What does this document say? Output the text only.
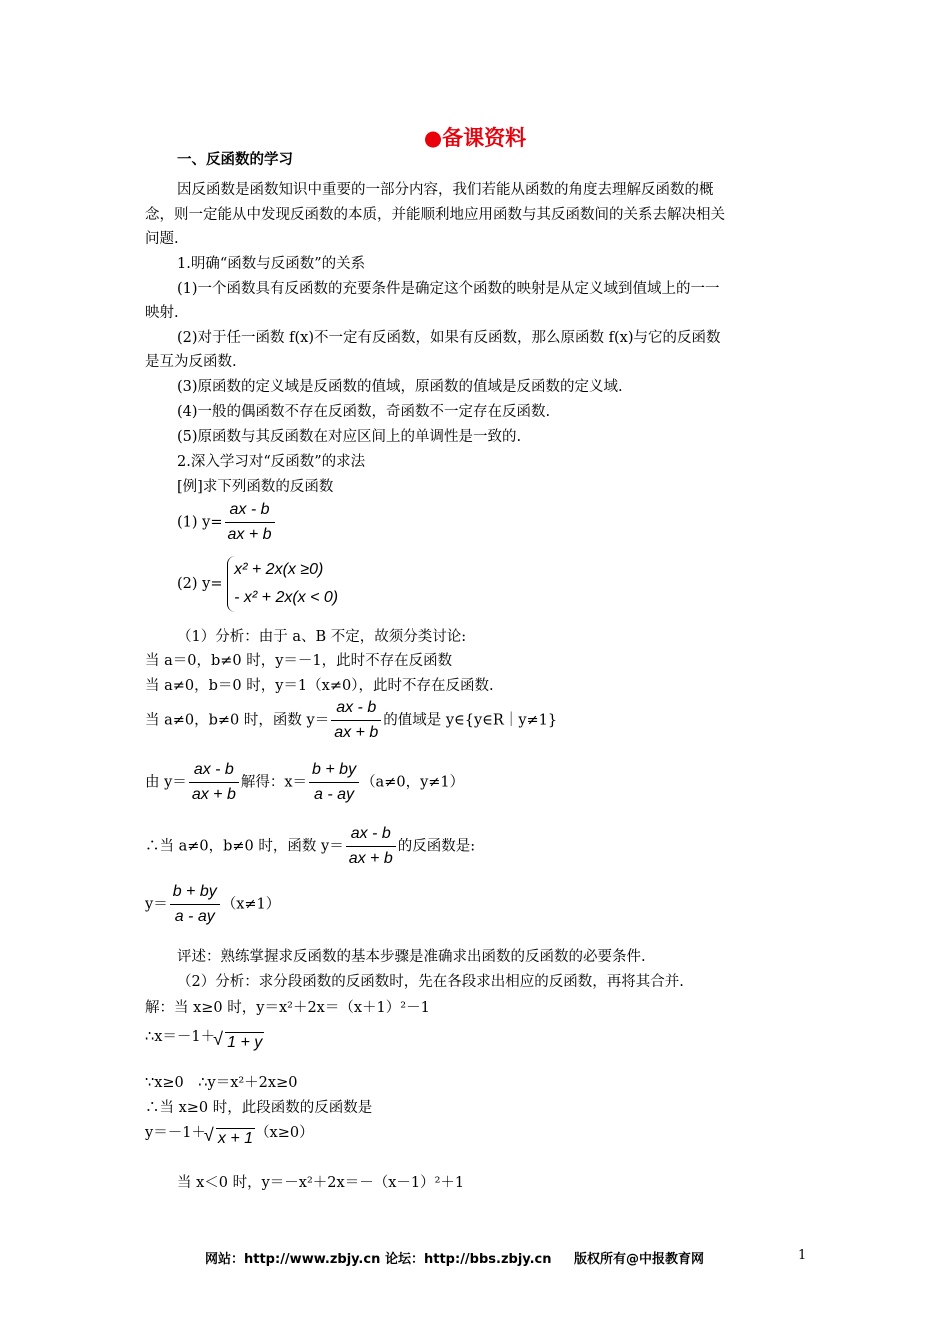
●备课资料
一、反函数的学习
因反函数是函数知识中重要的一部分内容，我们若能从函数的角度去理解反函数的概
念，则一定能从中发现反函数的本质，并能顺利地应用函数与其反函数间的关系去解决相关
问题.
1.明确“函数与反函数”的关系
(1)一个函数具有反函数的充要条件是确定这个函数的映射是从定义域到值域上的一一
映射.
(2)对于任一函数 f(x)不一定有反函数，如果有反函数，那么原函数 f(x)与它的反函数
是互为反函数.
(3)原函数的定义域是反函数的值域，原函数的值域是反函数的定义域.
(4)一般的偶函数不存在反函数，奇函数不一定存在反函数.
(5)原函数与其反函数在对应区间上的单调性是一致的.
2.深入学习对“反函数”的求法
[例]求下列函数的反函数
(1) $y= \frac{ax - b}{ax + b}$
(2) y=
x² + 2x(x ≥0)
- x² + 2x(x < 0)
（1）分析：由于 a、B 不定，故须分类讨论:
当 a＝0，b≠0 时，y＝－1，此时不存在反函数
当 a≠0，b＝0 时，y＝1（x≠0），此时不存在反函数.
当 a≠0，b≠0 时，函数 $y= \frac{ax - b}{ax + b}$ 的值域是 y∈{y∈R｜y≠1}
由 $y= \frac{ax - b}{ax + b}$ 解得：$x= \frac{b + by}{a - ay} (a\ne 0$，y≠1）
∴当 a≠0，b≠0 时，函数 $y= \frac{ax - b}{ax + b}$ 的反函数是:
$y= \frac{b + by}{a - ay} (x\ne 1)$
评述：熟练掌握求反函数的基本步骤是准确求出函数的反函数的必要条件.
（2）分析：求分段函数的反函数时，先在各段求出相应的反函数，再将其合并.
解：当 x≥0 时，y＝x²＋2x＝（x＋1）²－1
∴x＝－1＋ √ 1 + y
∵x≥0　∴y＝x²＋2x≥0
∴当 x≥0 时，此段函数的反函数是
y＝－1＋ √ x + 1 （x≥0）
当 x＜0 时，y＝－x²＋2x＝－（x－1）²＋1
网站：http://www.zbjy.cn 论坛：http://bbs.zbjy.cn 版权所有@中报教育网	1
